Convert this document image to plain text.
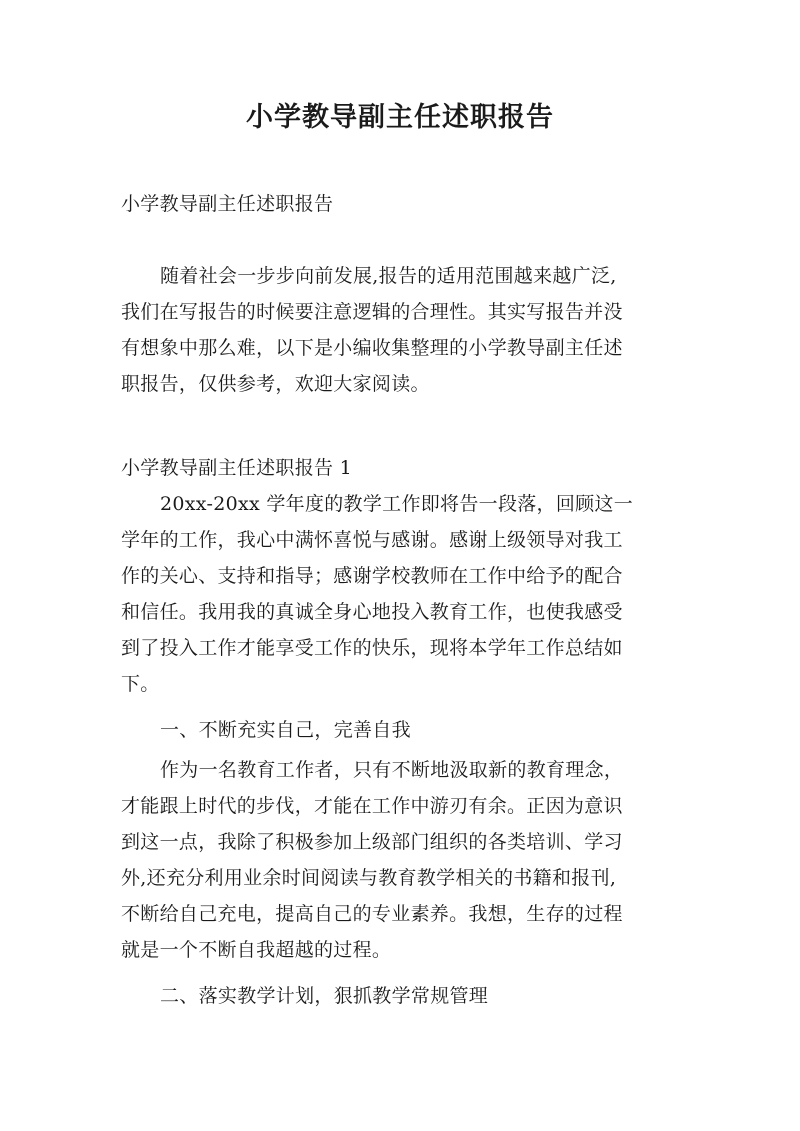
小学教导副主任述职报告
小学教导副主任述职报告
随着社会一步步向前发展,报告的适用范围越来越广泛,
我们在写报告的时候要注意逻辑的合理性。其实写报告并没
有想象中那么难，以下是小编收集整理的小学教导副主任述
职报告，仅供参考，欢迎大家阅读。
小学教导副主任述职报告 1
20xx-20xx 学年度的教学工作即将告一段落，回顾这一
学年的工作，我心中满怀喜悦与感谢。感谢上级领导对我工
作的关心、支持和指导；感谢学校教师在工作中给予的配合
和信任。我用我的真诚全身心地投入教育工作，也使我感受
到了投入工作才能享受工作的快乐，现将本学年工作总结如
下。
一、不断充实自己，完善自我
作为一名教育工作者，只有不断地汲取新的教育理念，
才能跟上时代的步伐，才能在工作中游刃有余。正因为意识
到这一点，我除了积极参加上级部门组织的各类培训、学习
外,还充分利用业余时间阅读与教育教学相关的书籍和报刊,
不断给自己充电，提高自己的专业素养。我想，生存的过程
就是一个不断自我超越的过程。
二、落实教学计划，狠抓教学常规管理
